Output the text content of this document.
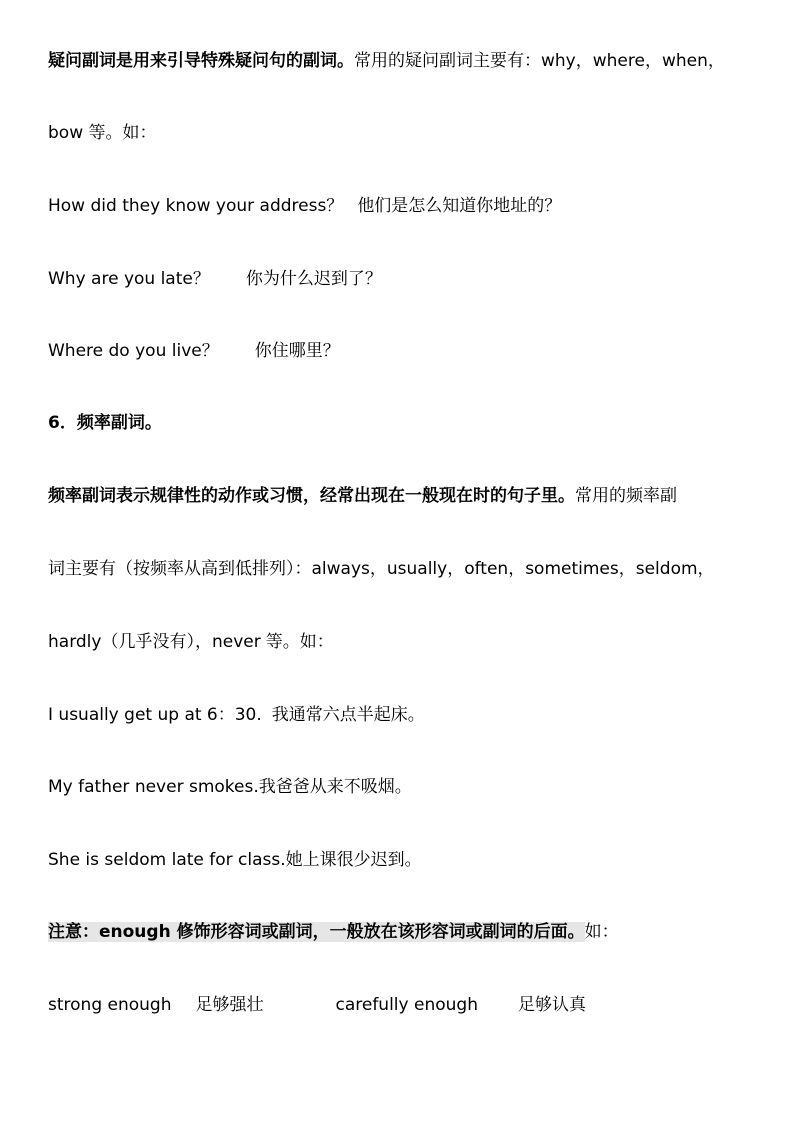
疑问副词是用来引导特殊疑问句的副词。常用的疑问副词主要有：why，where，when，
bow 等。如：
How did they know your address？ 他们是怎么知道你地址的？
Why are you late？ 你为什么迟到了？
Where do you live？ 你住哪里？
6．频率副词。
频率副词表示规律性的动作或习惯，经常出现在一般现在时的句子里。常用的频率副
词主要有（按频率从高到低排列）：always，usually，often，sometimes，seldom，
hardly（几乎没有），never 等。如：
I usually get up at 6：30. 我通常六点半起床。
My father never smokes.我爸爸从来不吸烟。
She is seldom late for class.她上课很少迟到。
注意：enough 修饰形容词或副词，一般放在该形容词或副词的后面。如：
strong enough 足够强壮	carefully enough 足够认真
